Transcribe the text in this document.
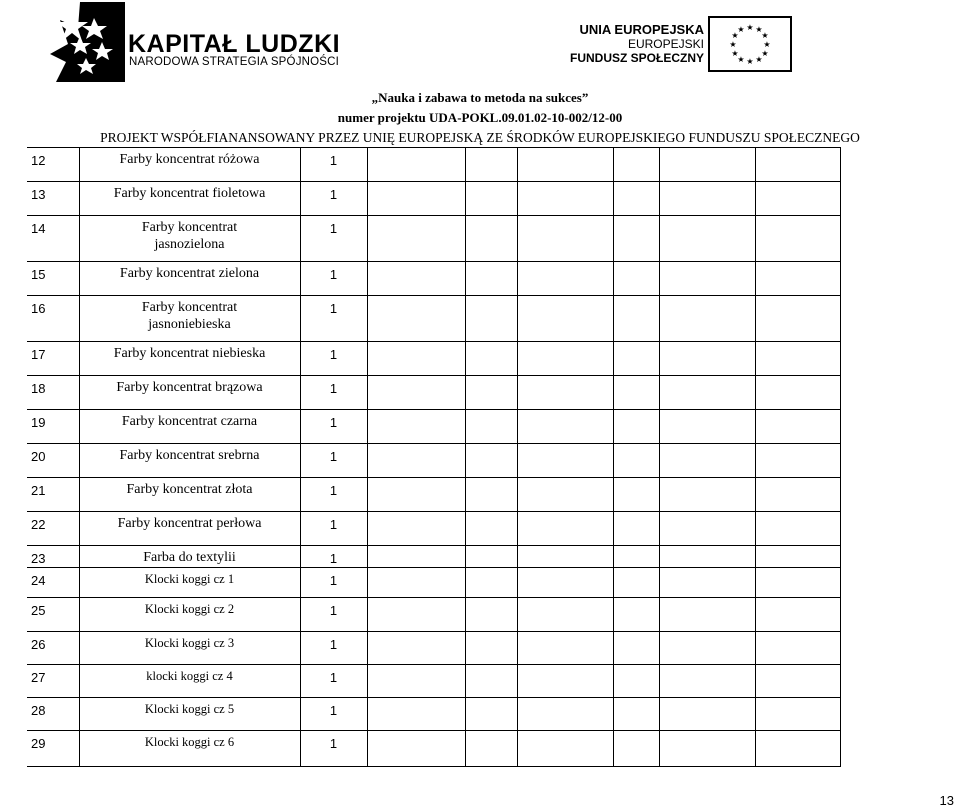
KAPITAŁ LUDZKI
NARODOWA STRATEGIA SPÓJNOŚCI
UNIA EUROPEJSKA
EUROPEJSKI
FUNDUSZ SPOŁECZNY
★ ★
★
★
★
★
★
★
★
★
★
★
„Nauka i zabawa to metoda na sukces”
numer projektu UDA-POKL.09.01.02-10-002/12-00
PROJEKT WSPÓŁFIANANSOWANY PRZEZ UNIĘ EUROPEJSKĄ ZE ŚRODKÓW EUROPEJSKIEGO FUNDUSZU SPOŁECZNEGO
12	Farby koncentrat różowa	1						
13	Farby koncentrat fioletowa	1						
14	Farby koncentrat
jasnozielona	1						
15	Farby koncentrat zielona	1						
16	Farby koncentrat
jasnoniebieska	1						
17	Farby koncentrat niebieska	1						
18	Farby koncentrat brązowa	1						
19	Farby koncentrat czarna	1						
20	Farby koncentrat srebrna	1						
21	Farby koncentrat złota	1						
22	Farby koncentrat perłowa	1						
23	Farba do textylii	1						
24	Klocki koggi cz 1	1						
25	Klocki koggi cz 2	1						
26	Klocki koggi cz 3	1						
27	klocki koggi cz 4	1						
28	Klocki koggi cz 5	1						
29	Klocki koggi cz 6	1						
13
